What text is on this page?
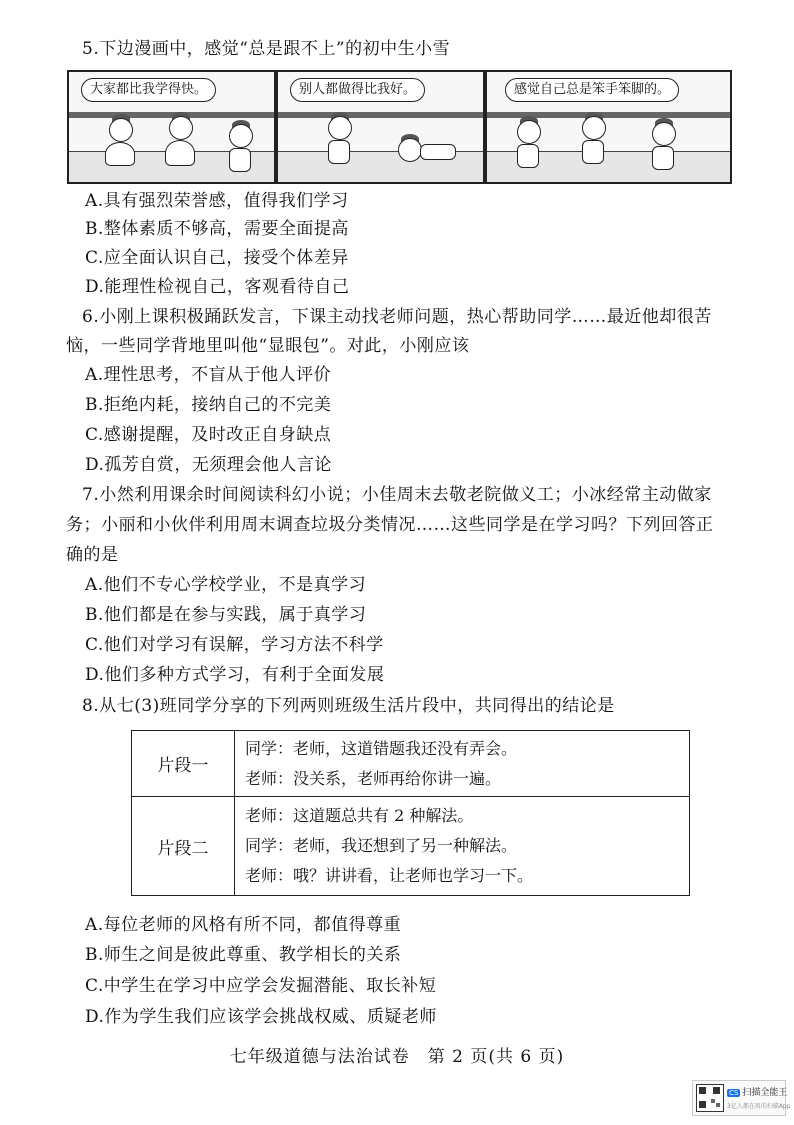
5.下边漫画中，感觉“总是跟不上”的初中生小雪
大家都比我学得快。	别人都做得比我好。	感觉自己总是笨手笨脚的。
A.具有强烈荣誉感，值得我们学习
B.整体素质不够高，需要全面提高
C.应全面认识自己，接受个体差异
D.能理性检视自己，客观看待自己
6.小刚上课积极踊跃发言，下课主动找老师问题，热心帮助同学……最近他却很苦
恼，一些同学背地里叫他“显眼包”。对此，小刚应该
A.理性思考，不盲从于他人评价
B.拒绝内耗，接纳自己的不完美
C.感谢提醒，及时改正自身缺点
D.孤芳自赏，无须理会他人言论
7.小然利用课余时间阅读科幻小说；小佳周末去敬老院做义工；小冰经常主动做家
务；小丽和小伙伴利用周末调查垃圾分类情况……这些同学是在学习吗？下列回答正
确的是
A.他们不专心学校学业，不是真学习
B.他们都是在参与实践，属于真学习
C.他们对学习有误解，学习方法不科学
D.他们多种方式学习，有利于全面发展
8.从七(3)班同学分享的下列两则班级生活片段中，共同得出的结论是
片段一	同学：老师，这道错题我还没有弄会。
老师：没关系，老师再给你讲一遍。

片段二	老师：这道题总共有 2 种解法。
同学：老师，我还想到了另一种解法。
老师：哦？讲讲看，让老师也学习一下。
A.每位老师的风格有所不同，都值得尊重
B.师生之间是彼此尊重、教学相长的关系
C.中学生在学习中应学会发掘潜能、取长补短
D.作为学生我们应该学会挑战权威、质疑老师
七年级道德与法治试卷　第 2 页(共 6 页)
CS 扫描全能王
3亿人都在用的扫描App
